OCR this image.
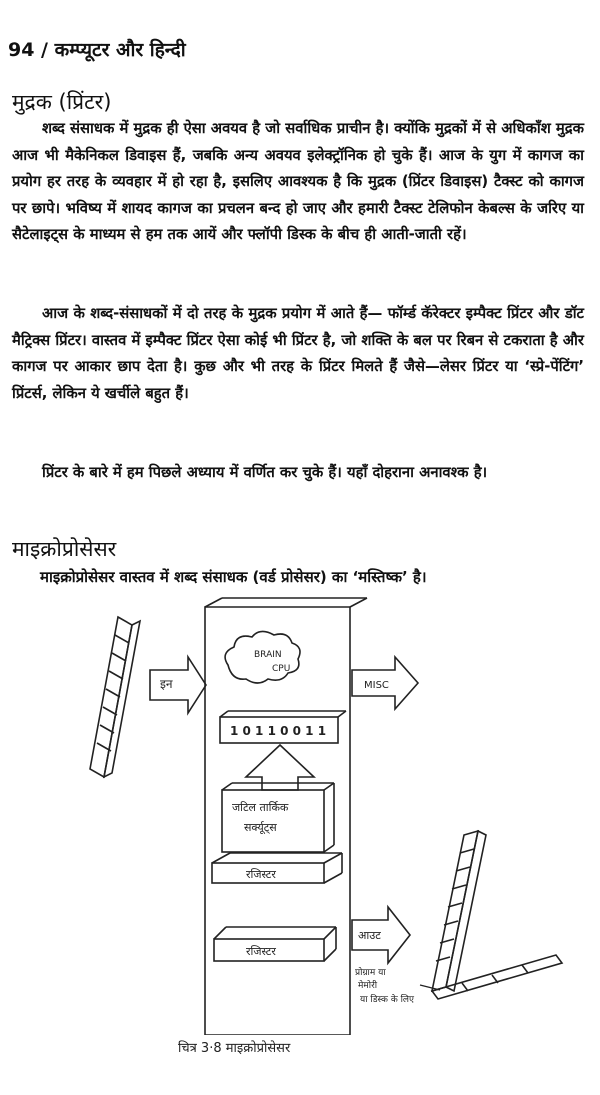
94 / कम्प्यूटर और हिन्दी
मुद्रक (प्रिंटर)
शब्द संसाधक में मुद्रक ही ऐसा अवयव है जो सर्वाधिक प्राचीन है। क्योंकि मुद्रकों में से अधिकाँश मुद्रक आज भी मैकेनिकल डिवाइस हैं, जबकि अन्य अवयव इलेक्ट्रॉनिक हो चुके हैं। आज के युग में कागज का प्रयोग हर तरह के व्यवहार में हो रहा है, इसलिए आवश्यक है कि मुद्रक (प्रिंटर डिवाइस) टैक्स्ट को कागज पर छापे। भविष्य में शायद कागज का प्रचलन बन्द हो जाए और हमारी टैक्स्ट टेलिफोन केबल्स के जरिए या सैटेलाइट्स के माध्यम से हम तक आयें और फ्लॉपी डिस्क के बीच ही आती-जाती रहें।
आज के शब्द-संसाधकों में दो तरह के मुद्रक प्रयोग में आते हैं— फॉर्म्ड कॅरेक्टर इम्पैक्ट प्रिंटर और डॉट मैट्रिक्स प्रिंटर। वास्तव में इम्पैक्ट प्रिंटर ऐसा कोई भी प्रिंटर है, जो शक्ति के बल पर रिबन से टकराता है और कागज पर आकार छाप देता है। कुछ और भी तरह के प्रिंटर मिलते हैं जैसे—लेसर प्रिंटर या ‘स्प्रे-पेंटिंग’ प्रिंटर्स, लेकिन ये खर्चीले बहुत हैं।
प्रिंटर के बारे में हम पिछले अध्याय में वर्णित कर चुके हैं। यहाँ दोहराना अनावश्क है।
माइक्रोप्रोसेसर
माइक्रोप्रोसेसर वास्तव में शब्द संसाधक (वर्ड प्रोसेसर) का ‘मस्तिष्क’ है।
इन
BRAIN
CPU
MISC
1 0 1 1 0 0 1 1
जटिल तार्किक
सर्क्यूट्स
रजिस्टर
रजिस्टर
आउट
प्रोग्राम या
मेमोरी
या डिस्क के लिए
चित्र 3·8 माइक्रोप्रोसेसर
